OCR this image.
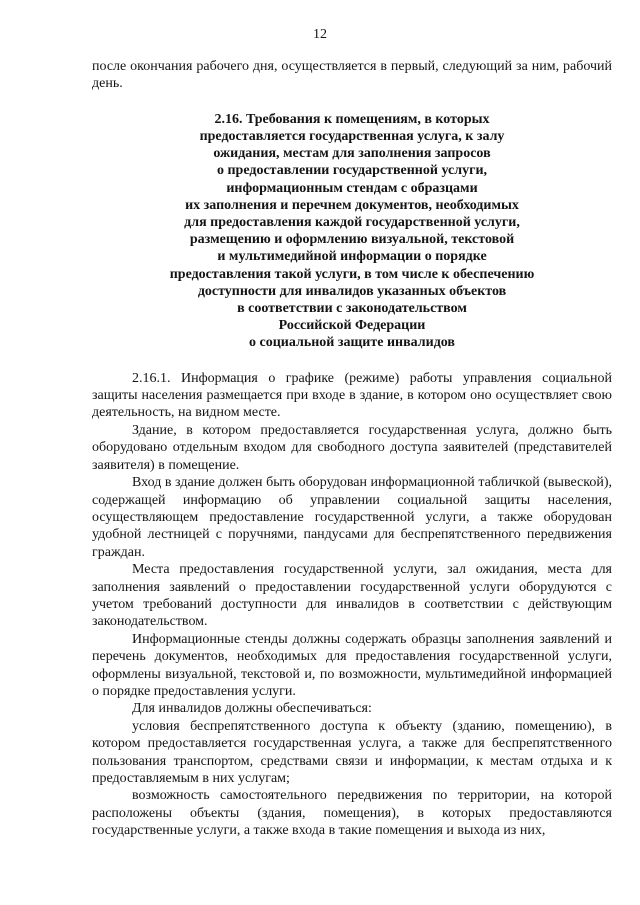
12

после окончания рабочего дня, осуществляется в первый, следующий за ним, рабочий день.

2.16. Требования к помещениям, в которых
предоставляется государственная услуга, к залу
ожидания, местам для заполнения запросов
о предоставлении государственной услуги,
информационным стендам с образцами
их заполнения и перечнем документов, необходимых
для предоставления каждой государственной услуги,
размещению и оформлению визуальной, текстовой
и мультимедийной информации о порядке
предоставления такой услуги, в том числе к обеспечению
доступности для инвалидов указанных объектов
в соответствии с законодательством
Российской Федерации
о социальной защите инвалидов

2.16.1. Информация о графике (режиме) работы управления социальной защиты населения размещается при входе в здание, в котором оно осуществляет свою деятельность, на видном месте.

Здание, в котором предоставляется государственная услуга, должно быть оборудовано отдельным входом для свободного доступа заявителей (представителей заявителя) в помещение.

Вход в здание должен быть оборудован информационной табличкой (вывеской), содержащей информацию об управлении социальной защиты населения, осуществляющем предоставление государственной услуги, а также оборудован удобной лестницей с поручнями, пандусами для беспрепятственного передвижения граждан.

Места предоставления государственной услуги, зал ожидания, места для заполнения заявлений о предоставлении государственной услуги оборудуются с учетом требований доступности для инвалидов в соответствии с действующим законодательством.

Информационные стенды должны содержать образцы заполнения заявлений и перечень документов, необходимых для предоставления государственной услуги, оформлены визуальной, текстовой и, по возможности, мультимедийной информацией о порядке предоставления услуги.

Для инвалидов должны обеспечиваться:

условия беспрепятственного доступа к объекту (зданию, помещению), в котором предоставляется государственная услуга, а также для беспрепятственного пользования транспортом, средствами связи и информации, к местам отдыха и к предоставляемым в них услугам;

возможность самостоятельного передвижения по территории, на которой расположены объекты (здания, помещения), в которых предоставляются государственные услуги, а также входа в такие помещения и выхода из них,
